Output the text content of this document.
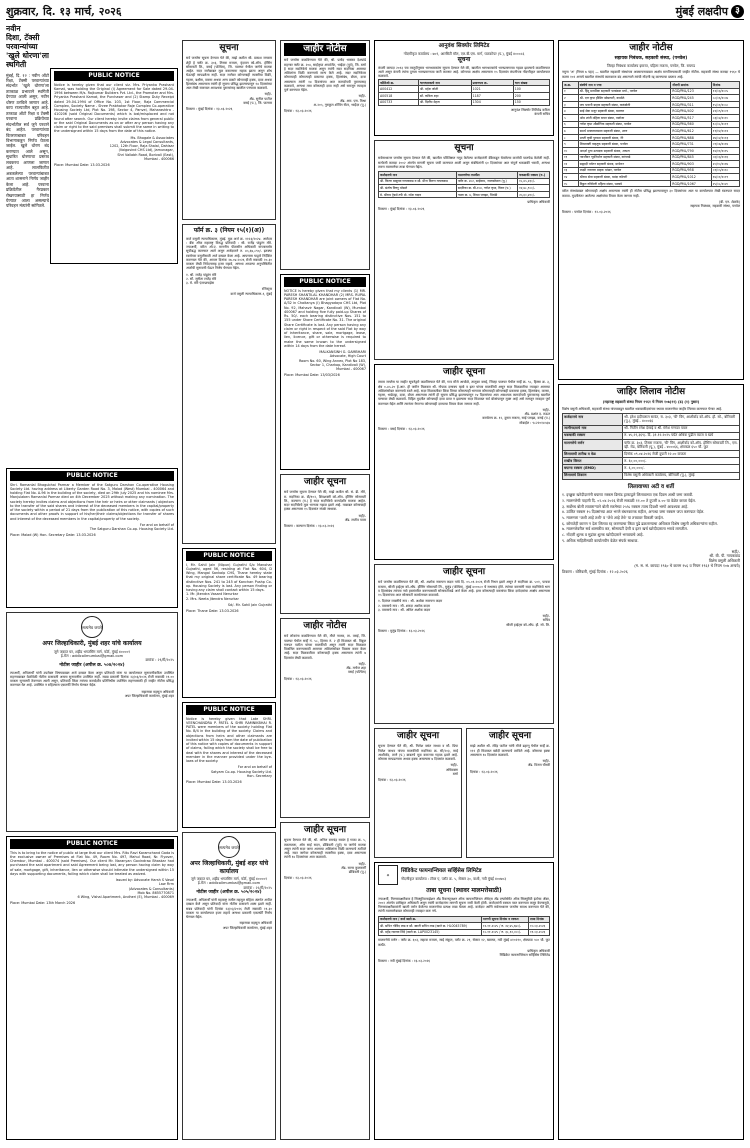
शुक्रवार, दि. १३ मार्च, २०२६	मुंबई लक्षदीप ३
नवीन
दिशा, टॅक्सी
परवान्यांच्या
'खुले धोरणा'ला
स्थगिती
मुंबई, दि. १२ : नवीन ऑटो रिक्षा, टॅक्सी परवान्यांच्या संदर्भात 'खुले धोरणा'ला तात्काळ प्रभावाने स्थगिती देण्यात आली असून, नवीन धोरण ठरविले जाणार आहे. काय राज्यातील बहुत आहे. तत्काळ ऑटो रिक्षा व टॅक्सी परवाना प्रक्रियेच्या संदर्भातील सर्व जुने परवाने बंद आहेत. परवान्यांच्या वितरणाबाबत परिवहन विभागाकडून निर्णय घेतला जाईल. खुले धोरण बंद करण्यात आले असून, सुधारित धोरणाचा प्रस्ताव लवकरच आणला जाणार आहे. लालफितीत अडकलेल्या परवान्यांबाबत आता शासनाने निर्णय जाहीर केला आहे. परवाना प्रक्रियेतील गैरप्रकार रोखण्यासाठी हा निर्णय घेण्यात आला असल्याचे परिवहन मंत्र्यांनी सांगितले.
PUBLIC NOTICE
Notice is hereby given that our client viz. Mrs. Priyanka Prashant Kamat, was holding the Original (i) Agreement for Sale dated 29-04-1994 between M/s. Rajkumar Builders Pvt. Ltd., the Promoter and Mrs. Priyanka Prashant Kamat, the Purchaser and (2) Stamp Duty Receipt dated 29-04-1994 of Office No. 103, 1st Floor, Raja Commercial Complex, Society Name - Shree Prabhakar Raje Complex Co-operative Housing Society Ltd, Plot No. 198, Sector 4, Panvel, Maharashtra - 410206 (said Original Documents) which is lost/misplaced and not found after search. Our client hereby invite claims from general public or the said Original Documents as on or after any person having any claim or right to the said premises shall submit the same in writing to the undersigned within 15 days from the date of this notice.
Ms. Bhogale & Associates
Advocates & Legal Consultants,
1202, 12th Floor, Raja Shalal, Dahisar
(Vaigovind CHS Ltd), Jamunagar,
Shri Vallabh Road, Borivali (East),
Mumbai - 400066
Place: Mumbai Date: 13.03.2026
PUBLIC NOTICE
Shri. Ramanlal Bhagubhai Parmar a Member of the Satguru Darshan Co-operative Housing Society Ltd. having address at Liberty Garden Road No. 3, Malad (West) Mumbai - 400064 and holding Flat No. A-96 in the building of the society, died on 29th July 2025 and his nominee Mrs. Manjulaben Ramanlal Parmar died on 4th December 2025 without making any nomination. The society hereby invites claims and objections from the heir or heirs or other claimants / objectors to the transfer of the said shares and interest of the deceased members in the capital/property of the society within a period of 21 days from the publication of this notice, with copies of such documents and other proofs in support of his/her/their claims/objections for transfer of shares and interest of the deceased members in the capital/property of the society.
For and on behalf of
The Satguru Darshan Co-op. Housing Society Ltd.
Place: Malad (W) Hon. Secretary Date: 13.03.2026
सत्यमेव जयते
अपर जिल्हाधिकारी, मुंबई शहर यांचे कार्यालय
जुने जकात घर, शहीद भगतसिंग मार्ग, फोर्ट, मुंबई ४००००१
ई-मेल : addlcollmumbai@gmail.com
क्रमांक : २१/टी/२०२५
नोटीस जाहीर (अपील क्र. ५०४/२०२४)
त्याअर्थी, अपिलार्थी यांनी उपरोक्त विषयाबाबत अर्ज दाखल केला असून प्रतिवादी यांना या कार्यालयात सुनावणीकरिता उपस्थित राहण्याबाबत वेळोवेळी नोटीस बजावली असता सुनावणीस उपस्थित नाही. सबब प्रकरणी दिनांक २३/०३/२०२६ रोजी सकाळी ११.०० वाजता सुनावणी ठेवण्यात आली असून, प्रतिवादी किंवा त्यांच्या कायदेशीर प्रतिनिधीस उपस्थित राहण्यासाठी ही जाहीर नोटीस प्रसिद्ध करण्यात येत आहे. उपस्थित न राहिल्यास एकतर्फी निर्णय घेण्यात येईल.
सहाय्यक महसूल अधिकारी
अपर जिल्हाधिकारी कार्यालय, मुंबई शहर
PUBLIC NOTICE
This is to bring to the notice of public at large that our client Mrs. Ritu Ravi Karamchand Gada is the exclusive owner of Premises at Flat No. 49, Room No. 497, Mahul Road, Nr. Flyover, Chembur, Mumbai - 400074 (said Premises). Our client Mr. Naranyan Govindrao Bhaskar had purchased the said apartment and said Agreement being lost, any person having claim by way of sale, mortgage, gift, inheritance, lien or otherwise should intimate the undersigned within 15 days with supporting documents, failing which claim shall be treated as waived.
Issued by: Advocate Harsh S Vasal
Law Firm
(Advocates & Consultants)
Mob No. 8655770871
6 Wing, Vishal Apartment, Andheri (E), Mumbai - 400069
Place: Mumbai Date: 13th March 2026
सूचना
सर्व जनतेस सूचना देण्यात येते की, माझे अशील श्री. प्रकाश जयराम शेट्टी हे फ्लॅट क्र. ३०३, तिसरा मजला, वृंदावन को-ऑप. हौसिंग सोसायटी लि., वसई (पश्चिम), जि. पालघर येथील जागेचे मालक आहेत. सदर जागेबाबत मुळ करारनामा गहाळ झाला असून शोध घेऊनही सापडलेला नाही. सदर जागेवर कोणत्याही व्यक्तीचा विक्री, गहाण, बक्षीस, वारसा अथवा अन्य प्रकारे कोणताही हक्क, दावा अथवा हितसंबंध असल्यास त्यांनी ही सूचना प्रसिद्ध झाल्यापासून १४ दिवसांच्या आत लेखी स्वरुपात आवश्यक पुराव्यांसह खालील पत्त्यावर कळवावे.
सही/-
ॲड. सुनील पाटील
वसई (प.), जि. पालघर
ठिकाण : मुंबई दिनांक : १३.०३.२०२६
फॉर्म क्र. ३ (नियम १५(१)(अ))
कर्ज वसुली न्यायाधिकरण, मुंबई. मूळ अर्ज क्र. ११२३/२०२४. अर्जदार : बँक ऑफ महाराष्ट्र विरुद्ध प्रतिवादी : श्री. राजेंद्र पांडुरंग मोरे. ज्याअर्थी, वरील ओ.ए. माननीय पीठासीन अधिकारी यांच्यासमोर सूचीबद्ध करण्यात आले असून अर्जदाराने रु. ४५,६७,८९०/- इतक्या रकमेच्या वसुलीसाठी अर्ज दाखल केला आहे. आपणास याद्वारे निर्देशित करण्यात येते की, आपण दिनांक २७.०४.२०२६ रोजी सकाळी १०.३० वाजता लेखी निवेदनासह हजर राहावे, अन्यथा आपल्या अनुपस्थितीत अर्जाची सुनावणी घेऊन निर्णय घेण्यात येईल.
१. श्री. राजेंद्र पांडुरंग मोरे
२. सौ. सुनीता राजेंद्र मोरे
३. मे. मोरे एंटरप्रायझेस
रजिस्ट्रार
कर्ज वसुली न्यायाधिकरण-१, मुंबई
PUBLIC NOTICE
I, Mr. Sahil Jain (Nipun) Gujrathi S/o Manohar Gujrathi, aged 56, residing at Flat No. 604, D Wing, Mangal Sankalp CHS, Thane hereby state that my original share certificate No. 49 bearing distinctive Nos. 241 to 245 of Kanchan Pushp Co-op. Housing Society is lost. Any person finding or having any claim shall contact within 15 days.
1. Mr. Jitendra Vasant Nerurkar
2. Mrs. Neeta Jitendra Nerurkar
Sd/- Mr. Sahil Jain Gujrathi
Place: Thane Date: 13.03.2026
PUBLIC NOTICE
Notice is hereby given that Late SHRI. VEENCHANDRA P. PATEL & SHRI RAMNIKBHAI R. PATEL were members of the society holding Flat No. B/4 in the building of the society. Claims and objections from heirs and other claimants are invited within 15 days from the date of publication of this notice with copies of documents in support of claims, failing which the society shall be free to deal with the shares and interest of the deceased member in the manner provided under the bye-laws of the society.
For and on behalf of
Satyam Co-op. Housing Society Ltd.
Hon. Secretary
Place: Mumbai Date: 13.03.2026
सत्यमेव जयते
अपर जिल्हाधिकारी, मुंबई शहर यांचे कार्यालय
जुने जकात घर, शहीद भगतसिंग मार्ग, फोर्ट, मुंबई ४००००१
ई-मेल : addlcollmumbai@gmail.com
क्रमांक : २२/टी/२०२५
नोटीस जाहीर (अपील क्र. ५०५/२०२४)
ज्याअर्थी, अपिलार्थी यांनी महाराष्ट्र जमीन महसूल संहिता अंतर्गत अपील दाखल केले असून प्रतिवादी यांना नोटीस बजावणे शक्य झाले नाही. सबब प्रतिवादी यांनी दिनांक २३/०३/२०२६ रोजी सकाळी ११.३० वाजता या कार्यालयात हजर राहावे अन्यथा प्रकरणी एकतर्फी निर्णय घेण्यात येईल.
सहाय्यक महसूल अधिकारी
अपर जिल्हाधिकारी कार्यालय, मुंबई शहर
जाहीर नोटीस
सर्व जनतेस कळविण्यात येते की, श्री. प्रमोद भास्कर देशपांडे राहणार फ्लॅट क्र. २०४, साईकृपा अपार्टमेंट, भाईंदर (पूर्व), जि. ठाणे हे सदर सदनिकेचे मालक असून त्यांनी सदर सदनिका आमच्या अशिलांना विक्री करण्याचे मान्य केले आहे. सदर सदनिकेवर कोणाचाही कोणत्याही प्रकारचा हक्क, हितसंबंध, बोजा, दावा असल्यास त्यांनी १४ दिवसांच्या आत कागदोपत्री पुराव्यासह कळवावे, अन्यथा तसा कोणताही दावा नाही असे समजून व्यवहार पूर्ण करण्यात येईल.
सही/-
ॲड. आर. एस. मिश्रा
अ-२०५, गुरुकुल शॉपिंग सेंटर, भाईंदर (पू.)
दिनांक : १३.०३.२०२६
PUBLIC NOTICE
NOTICE is hereby given that my clients (1) MR. PARESH SHANTILAL KHANDHAR (2) MRS. RUPAL PARESH KHANDHAR are joint owners of Flat No. A/32 in Chaitanya (I) Bhagyodaya CHS Ltd, Plot No. 92, Mahavir Nagar, Kandivali (W), Mumbai 400067 and holding five fully paid-up Shares of Rs. 50/- each bearing distinctive Nos. 151 to 155 under Share Certificate No. 31. The original Share Certificate is lost. Any person having any claim or right in respect of the said Flat by way of inheritance, share, sale, mortgage, lease, lien, licence, gift or otherwise is required to make the same known to the undersigned within 14 days from the date hereof.
MALKANSINH G. GAMBHARI
Advocate, High Court
Room No. 60, Wing Annex, Plot No 183,
Sector 1, Charkop, Kandivali (W),
Mumbai - 400067
Place: Mumbai Date: 13/03/2026
जाहीर सूचना
सर्व जनतेस सूचना देण्यात येते की, माझे अशील श्री. सं. डी. मोरे, रा. सदनिका क्र. बी/१०२, शिवशक्ती को-ऑप. हौसिंग सोसायटी लि., कल्याण (प.) हे सदर सदनिकेचे कायदेशीर मालक आहेत. सदर सदनिकेचे मूळ भागपत्र गहाळ झाले आहे. याबाबत कोणाचाही हक्क असल्यास १५ दिवसांत संपर्क साधावा.
सही/-
ॲड. राजीव पवार
ठिकाण : कल्याण दिनांक : १३.०३.२०२६
जाहीर नोटीस
सर्व लोकांना कळविण्यात येते की, मौजे नवघर, ता. वसई, जि. पालघर येथील सर्व्हे नं. ५८, हिस्सा नं. २ ही मिळकत श्री. विठ्ठल गणपत पाटील यांच्या मालकीची असून त्यांनी सदर मिळकत विकसित करण्यासाठी आमच्या अशिलांसोबत विकास करार केला आहे. सदर मिळकतीवर कोणाचाही हक्क असल्यास त्यांनी ७ दिवसांत लेखी कळवावे.
सही/-
ॲड. मनोज शहा
वसई (पश्चिम)
दिनांक : १३.०३.२०२६
जाहीर सूचना
सूचना देण्यात येते की, श्री. अनिल रामचंद्र सावंत हे गाळा क्र. ५, तळमजला, ओम साई सदन, डोंबिवली (पूर्व) या जागेचे मालक असून त्यांनी सदर जागा आमच्या अशिलांना विक्री करण्याचे ठरविले आहे. सदर जागेवर कोणत्याही व्यक्तीचा हक्क, दावा असल्यास त्यांनी १४ दिवसांच्या आत कळवावे.
सही/-
ॲड. सागर कुलकर्णी
डोंबिवली (पू.)
दिनांक : १३.०३.२०२६
आनुवंश सिक्योर लिमिटेड
नोंदणीकृत कार्यालय : ७०१, आरसिटी मॉल, एल.बी.एस. मार्ग, घाटकोपर (प.), मुंबई ४०००८६
सूचना
कंपनी कायदा २०१३ च्या तरतुदीनुसार भागधारकांना सूचना देण्यात येते की, खालील भागधारकांचे भागप्रमाणपत्र गहाळ झाल्याचे कळविण्यात आले असून कंपनी त्यांना दुय्यम भागप्रमाणपत्र जारी करणार आहे. कोणाचा आक्षेप असल्यास १५ दिवसांत कंपनीच्या नोंदणीकृत कार्यालयात कळवावे.
फोलिओ क्र.	भागधारकाचे नाव	प्रमाणपत्र क्र.	भाग संख्या
A00412	श्री. महेश जोशी	1021	100
A00518	सौ. कविता शहा	1187	200
A00733	श्री. दिलीप मेहता	1304	150
आनुवंश सिक्योर लिमिटेड करिता
कंपनी सचिव
सूचना
सर्वसाधारण जनतेस सूचना देण्यात येते की, खालील परिशिष्टात नमूद केलेल्या कर्जदारांनी बँकेकडून घेतलेल्या कर्जाची परतफेड केलेली नाही. सरफेसी कायदा २००२ अंतर्गत मागणी सूचना जारी करण्यात आली असून संबंधितांनी ६० दिवसांच्या आत संपूर्ण थकबाकी भरावी, अन्यथा तारण मालमत्तेचा ताबा घेण्यात येईल.
कर्जदाराचे नाव	मालमत्तेचा तपशील	थकबाकी रक्कम (रु.)
श्री. किरण बाबूराव गायकवाड व सौ. मीना किरण गायकवाड	फ्लॅट क्र. ४०२, साईधाम, नालासोपारा (पू.)	१८,४५,२३०/-
श्री. संतोष विष्णू भोसले	सदनिका क्र. बी-१०४, गणेश कृपा, विरार (प.)	१२,७८,९००/-
मे. श्रीराम ट्रेडर्स तर्फे प्रो. रमेश यादव	गाळा क्र. ७, शिवम प्लाझा, भिवंडी	२५,६०,४१०/-
प्राधिकृत अधिकारी
ठिकाण : मुंबई दिनांक : १३.०३.२०२६
जाहीर सूचना
तमाम जनतेस या जाहीर सूचनेद्वारे कळविण्यात येते की, गाव मौजे आचोळे, तालुका वसई, जिल्हा पालघर येथील सर्व्हे क्र. ९८, हिस्सा क्र. ३, क्षेत्र ०-४५-२० हे.आर. ही जमीन मिळकत श्री. गोपाळ दत्तात्रय म्हात्रे व इतर यांच्या मालकीची असून सदर मिळकतीचा व्यवहार आमच्या अशिलांसोबत करण्याचे ठरले आहे. सदर मिळकतीवर किंवा तिच्या कोणत्याही भागावर कोणाचाही कोणत्याही प्रकारचा हक्क, हितसंबंध, वारसा, गहाण, भाडेपट्टा, दावा, बोजा असल्यास त्यांनी ही सूचना प्रसिद्ध झाल्यापासून १४ दिवसांच्या आत आवश्यक कागदोपत्री पुराव्यासह खालील पत्त्यावर लेखी कळवावे. विहित मुदतीत कोणताही दावा प्राप्त न झाल्यास सदर मिळकत सर्व बोजांपासून मुक्त आहे असे समजून व्यवहार पूर्ण करण्यात येईल आणि त्यानंतर येणाऱ्या कोणत्याही दाव्याचा विचार केला जाणार नाही.
सही/-
ॲड. प्रशांत द. राऊत
कार्यालय क्र. १२, दुसरा मजला, साई प्लाझा, वसई (प.)
मोबाईल : ९८२२०१४५६७
ठिकाण : वसई दिनांक : १३.०३.२०२६
जाहीर सूचना
सर्व जनतेस कळविण्यात येते की, श्री. अशोक नारायण कदम यांचे दि. ०५.०१.२०२६ रोजी निधन झाले असून ते सदनिका क्र. ५०१, पाचवा मजला, श्रीजी हाईट्स को-ऑप. हौसिंग सोसायटी लि., मुलुंड (पश्चिम), मुंबई ४०००८० चे सभासद होते. त्यांच्या वारसांनी सदर सदनिकेचे भाग व हितसंबंध त्यांच्या नावे हस्तांतरित करण्यासाठी सोसायटीकडे अर्ज केला आहे. इतर कोणत्याही वारसांचा किंवा दावेदारांचा आक्षेप असल्यास १५ दिवसांच्या आत सोसायटी कार्यालयात कळवावे.
१. दिवंगत व्यक्तीचे नाव : श्री. अशोक नारायण कदम
२. वारसाचे नाव : सौ. शारदा अशोक कदम
३. वारसाचे नाव : श्री. अमित अशोक कदम
सही/-
सचिव
श्रीजी हाईट्स को-ऑप. हौ. सो. लि.
ठिकाण : मुलुंड दिनांक : १३.०३.२०२६
जाहीर सूचना
सूचना देण्यात येते की, श्री. निलेश वसंत जाधव व सौ. प्रिया निलेश जाधव यांच्या मालकीची सदनिका क्र. सी/२०३, साई आशीर्वाद, ठाणे (प.) बाबतचे मूळ करारपत्र गहाळ झाले आहे. कोणास सापडल्यास अथवा हक्क असल्यास ७ दिवसांत कळवावे.
सही/-
अधिवक्ता
ठाणे
दिनांक : १३.०३.२०२६
जाहीर सूचना
माझे अशील श्री. रविंद्र पाटील यांनी मौजे डहाणू येथील सर्व्हे क्र. ११२ ही मिळकत खरेदी करण्याचे ठरविले आहे. कोणाचा हक्क असल्यास १४ दिवसांत कळवावे.
सही/-
ॲड. विजय चौधरी
दिनांक : १३.०३.२०२६
◈
सिंडिकेट फायनान्शियल सर्व्हिसेस लिमिटेड
नोंदणीकृत कार्यालय : टॉवर ए, प्लॉट क्र. ५, सेक्टर ३०, वाशी, नवी मुंबई ४००७०३
ताबा सूचना (स्थावर मालमत्तेसाठी)
ज्याअर्थी, निम्नस्वाक्षरीकार हे सिक्युरिटायझेशन अँड रिकन्स्ट्रक्शन ऑफ फायनान्शियल ॲसेट्स अँड एन्फोर्समेंट ऑफ सिक्युरिटी इंटरेस्ट ॲक्ट, २००२ अंतर्गत प्राधिकृत अधिकारी असून त्यांनी कर्जदारांना मागणी सूचना जारी केली होती. कर्जदारांनी रक्कम परत करण्यात कसूर केल्यामुळे, निम्नस्वाक्षरीकारांनी खाली वर्णन केलेल्या मालमत्तेचा प्रत्यक्ष ताबा घेतला आहे. कर्जदार आणि सर्वसाधारण जनतेस सावध करण्यात येते की, त्यांनी मालमत्तेबाबत कोणताही व्यवहार करू नये.
कर्जदाराचे नाव / कर्ज खाते क्र.	मागणी सूचना दिनांक व रक्कम	ताबा दिनांक
श्री. सचिन गोविंद लाड व सौ. स्वाती सचिन लाड (खाते क्र. HL0045789)	१२.११.२०२५ / रु. २२,४५,६७०/-	१०.०३.२०२६
श्री. महेंद्र रामराव शिंदे (खाते क्र. LAP0023145)	१८.११.२०२५ / रु. ३८,१२,०००/-	११.०३.२०२६
मालमत्तेचे वर्णन : फ्लॅट क्र. ६०३, सहावा मजला, साई संकुल, प्लॉट क्र. २१, सेक्टर १२, खारघर, नवी मुंबई ४१०२१०, क्षेत्रफळ ५५० चौ. फूट कार्पेट.
प्राधिकृत अधिकारी
सिंडिकेट फायनान्शियल सर्व्हिसेस लिमिटेड
ठिकाण : नवी मुंबई दिनांक : १३.०३.२०२६
जाहीर नोटीस
सहायक निबंधक, सहकारी संस्था, (पनवेल)
जिल्हा निबंधक कार्यालय इमारत, पहिला मजला, पनवेल, जि. रायगड
नमुना 'अ' (नियम ७ पहा) — खालील सहकारी संस्थांच्या अवसायनाबाबत आक्षेप मागविण्यासाठी जाहीर नोटीस. सहकारी संस्था कायदा १९६० चे कलम १०२ अन्वये खालील संस्थांचे कामकाज बंद असल्याने त्यांची नोंदणी रद्द करण्याचा प्रस्ताव आहे.
अ.क्र.	संस्थेचे नाव व पत्ता	नोंदणी क्रमांक	दिनांक
१	श्री. हिंदू प्राथमिक सहकारी पतसंस्था मर्या., पनवेल	RGD/PNL/123	१२/०३/२००५
२	श्री. दत्त कृपा हौसिंग सोसायटी, कामोठे	RGD/PNL/245	०८/०६/२००७
३	जय भवानी ग्राहक सहकारी संस्था, कळंबोली	RGD/PNL/311	१५/०१/२००८
४	साई सेवा मजूर सहकारी संस्था, खारघर	RGD/PNL/402	२२/०९/२००९
५	ओम शांती महिला बचत संस्था, तळोजा	RGD/PNL/517	०३/०४/२०१०
६	गणेश कृपा औद्योगिक सहकारी संस्था, पनवेल	RGD/PNL/560	१८/०८/२०११
७	समर्थ मत्स्यव्यवसाय सहकारी संस्था, उरण	RGD/PNL/612	११/१२/२०१२
८	प्रगती कृषी पुरवठा सहकारी संस्था, नेरे	RGD/PNL/688	२७/०२/२०१३
९	शिवशक्ती वाहतूक सहकारी संस्था, पनवेल	RGD/PNL/731	०९/०७/२०१४
१०	आदर्श दुग्ध उत्पादक सहकारी संस्था, आपटा	RGD/PNL/790	१४/११/२०१५
११	नवजीवन गृहनिर्माण सहकारी संस्था, करंजाडे	RGD/PNL/845	०६/०३/२०१६
१२	सह्याद्री पर्यटन सहकारी संस्था, माथेरान	RGD/PNL/903	२०/१०/२०१७
१३	लक्ष्मी नारायण ग्राहक भांडार, पनवेल	RGD/PNL/958	०१/०५/२०१८
१४	श्रीराम सेवा सहकारी संस्था, खांदा कॉलनी	RGD/PNL/1012	१७/०१/२०१९
१५	विठ्ठल रुक्मिणी महिला संस्था, पळस्पे	RGD/PNL/1067	२५/०८/२०२०
वरील संस्थांबाबत कोणाचाही आक्षेप असल्यास त्यांनी ही नोटीस प्रसिद्ध झाल्यापासून ३० दिवसांच्या आत या कार्यालयात लेखी स्वरुपात सादर करावा. मुदतीनंतर आलेल्या आक्षेपांचा विचार केला जाणार नाही.
(बी. एन. शेळके)
सहायक निबंधक, सहकारी संस्था, पनवेल
ठिकाण : पनवेल दिनांक : १२.०३.२०२६
जाहिर लिलाव नोटीस
(महाराष्ट्र सहकारी संस्था नियम १९६१ चे नियम १०७(११) (ड) (१) नुसार)
विशेष वसुली अधिकारी, सहकारी संस्था यांच्याकडून खालील थकबाकीदारांच्या स्थावर मालमत्तेचा जाहीर लिलाव करण्यात येणार आहे.
कर्जदाराचे नाव	श्री. हरेश प्रदीपलाल सावंत, रा. ३०३, 'बी' विंग, आशीर्वाद को-ऑप. हौ. सो., बोरिवली (पू.), मुंबई - ४०००६६
जामीनदाराचे नाव	श्री. नितीन रमेश देसाई व श्री. मंगेश गणपत पवार
थकबाकी रक्कम	रु. ४५,२१,३६९/- दि. ३१.१२.२०२५ पर्यंत अधिक पुढील व्याज व खर्च
मालमत्तेचे वर्णन	फ्लॅट क्र. ३०३, तिसरा मजला, 'बी' विंग, आशीर्वाद को-ऑप. हौसिंग सोसायटी लि., एस. व्ही. रोड, बोरिवली (पू.), मुंबई - ४०००६६, क्षेत्रफळ ६५० चौ. फूट
लिलावाची तारीख व वेळ	दिनांक ०९.०४.२०२६ रोजी दुपारी १२.०० वाजता
राखीव किंमत	रु. ६०,००,०००/-
बयाणा रक्कम (EMD)	रु. ६,००,०००/-
लिलावाचे ठिकाण	विशेष वसुली अधिकारी कार्यालय, बोरिवली (पू.), मुंबई
लिलावाच्या अटी व शर्ती
१. इच्छुक खरेदीदारांनी बयाणा रक्कम डिमांड ड्राफ्टद्वारे लिलावाच्या एक दिवस आधी जमा करावी.
२. मालमत्तेची पाहणी दि. ०२.०४.२०२६ रोजी सकाळी ११.०० ते दुपारी ४.०० या वेळेत करता येईल.
३. सर्वोच्च बोली लावणाऱ्याने बोली रकमेच्या २५% रक्कम त्याच दिवशी भरणे आवश्यक आहे.
४. उर्वरित रक्कम १५ दिवसांच्या आत भरणे बंधनकारक राहील, अन्यथा जमा रक्कम जप्त करण्यात येईल.
५. मालमत्ता 'जशी आहे तशी' व 'जेथे आहे तेथे' या तत्त्वावर विकली जाईल.
६. कोणतेही कारण न देता लिलाव रद्द करण्याचा किंवा पुढे ढकलण्याचा अधिकार विशेष वसुली अधिकाऱ्यांना राहील.
७. मालमत्तेवरील सर्व शासकीय कर, सोसायटी देणी व इतर खर्च खरेदीदाराला भरावे लागतील.
८. नोंदणी शुल्क व मुद्रांक शुल्क खरेदीदाराने भरावयाचे आहे.
९. अधिक माहितीसाठी कार्यालयीन वेळेत संपर्क साधावा.
सही/-
श्री. बी. पी. गायकवाड
विशेष वसुली अधिकारी
(म. स. सं. कायदा १९६० चे कलम १५६ व नियम १९६१ चे नियम १०७ अन्वये)
ठिकाण : बोरिवली, मुंबई दिनांक : १२.०३.२०२६
